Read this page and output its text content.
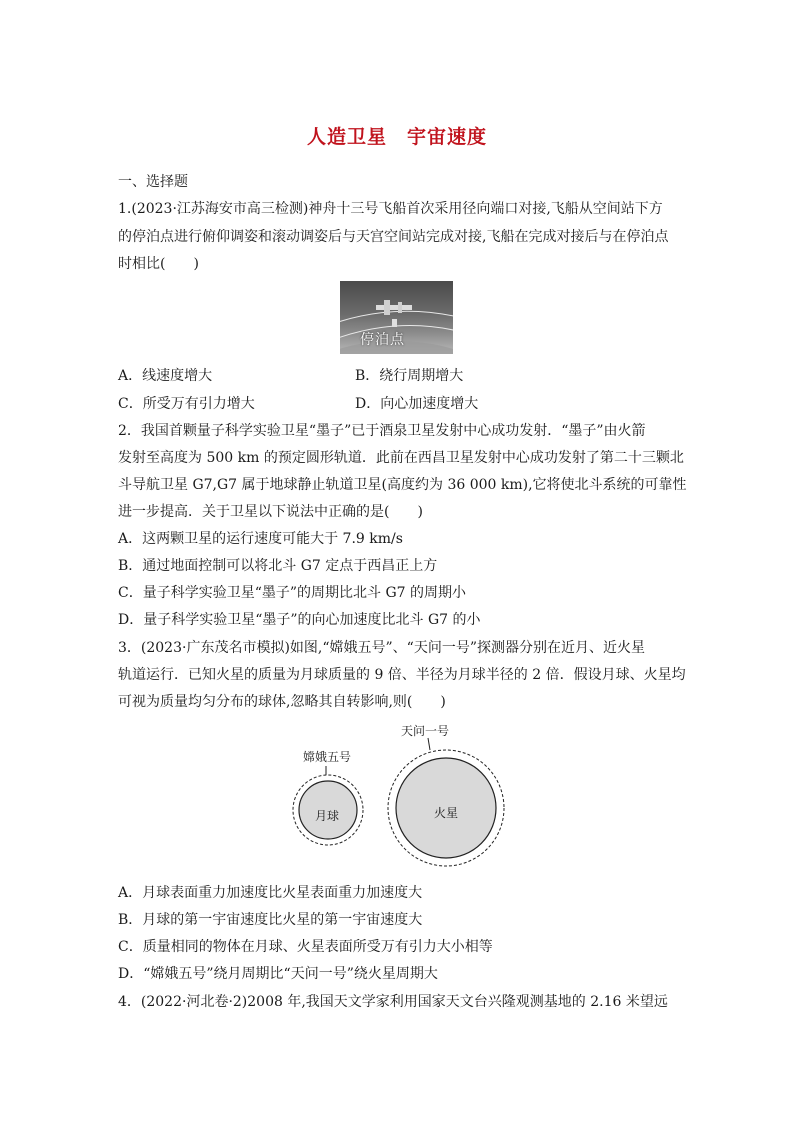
人造卫星　宇宙速度
一、选择题
1.(2023·江苏海安市高三检测)神舟十三号飞船首次采用径向端口对接,飞船从空间站下方
的停泊点进行俯仰调姿和滚动调姿后与天宫空间站完成对接,飞船在完成对接后与在停泊点
时相比(　　)
停泊点
A．线速度增大	B．绕行周期增大
C．所受万有引力增大	D．向心加速度增大
2．我国首颗量子科学实验卫星“墨子”已于酒泉卫星发射中心成功发射．“墨子”由火箭
发射至高度为 500 km 的预定圆形轨道．此前在西昌卫星发射中心成功发射了第二十三颗北
斗导航卫星 G7,G7 属于地球静止轨道卫星(高度约为 36 000 km),它将使北斗系统的可靠性
进一步提高．关于卫星以下说法中正确的是(　　)
A．这两颗卫星的运行速度可能大于 7.9 km/s
B．通过地面控制可以将北斗 G7 定点于西昌正上方
C．量子科学实验卫星“墨子”的周期比北斗 G7 的周期小
D．量子科学实验卫星“墨子”的向心加速度比北斗 G7 的小
3．(2023·广东茂名市模拟)如图,“嫦娥五号”、“天问一号”探测器分别在近月、近火星
轨道运行．已知火星的质量为月球质量的 9 倍、半径为月球半径的 2 倍．假设月球、火星均
可视为质量均匀分布的球体,忽略其自转影响,则(　　)
嫦娥五号
天问一号
月球	火星
A．月球表面重力加速度比火星表面重力加速度大
B．月球的第一宇宙速度比火星的第一宇宙速度大
C．质量相同的物体在月球、火星表面所受万有引力大小相等
D．“嫦娥五号”绕月周期比“天问一号”绕火星周期大
4．(2022·河北卷·2)2008 年,我国天文学家利用国家天文台兴隆观测基地的 2.16 米望远
